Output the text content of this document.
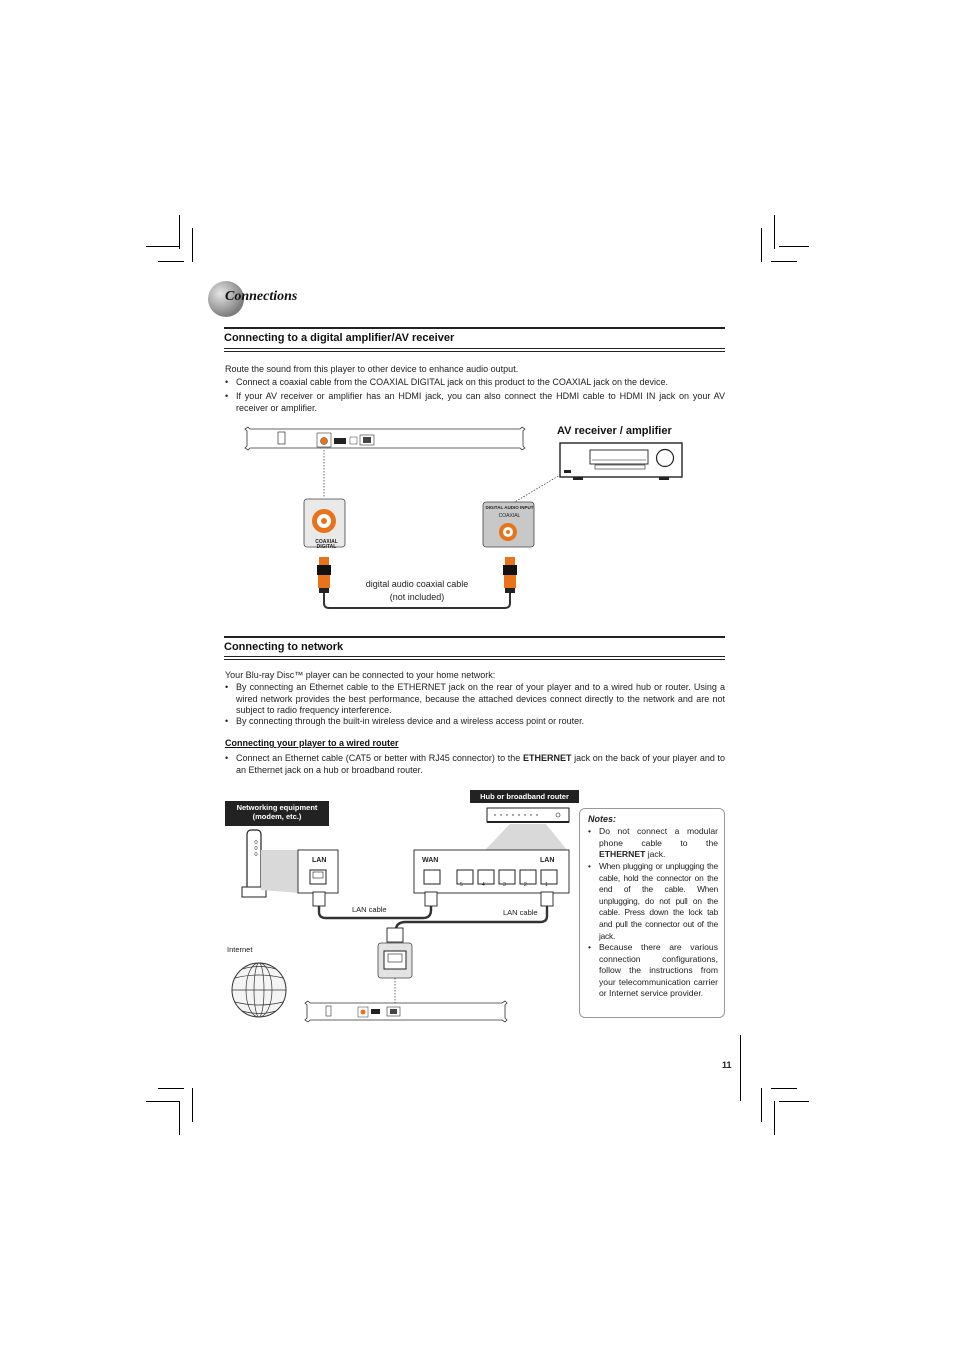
Connections
Connecting to a digital amplifier/AV receiver
Route the sound from this player to other device to enhance audio output.
• Connect a coaxial cable from the COAXIAL DIGITAL jack on this product to the COAXIAL jack on the device.
• If your AV receiver or amplifier has an HDMI jack, you can also connect the HDMI cable to HDMI IN jack on your AV receiver or amplifier.
AV receiver / amplifier
COAXIAL DIGITAL
DIGITAL AUDIO INPUT
COAXIAL
digital audio coaxial cable
(not included)
Connecting to network
Your Blu-ray Disc™ player can be connected to your home network:
• By connecting an Ethernet cable to the ETHERNET jack on the rear of your player and to a wired hub or router. Using a wired network provides the best performance, because the attached devices connect directly to the network and are not subject to radio frequency interference.
• By connecting through the built-in wireless device and a wireless access point or router.
Connecting your player to a wired router
• Connect an Ethernet cable (CAT5 or better with RJ45 connector) to the ETHERNET jack on the back of your player and to an Ethernet jack on a hub or broadband router.
Networking equipment
(modem, etc.)
Hub or broadband router
LAN	WAN	LAN
5	4	3	2	1
LAN cable	LAN cable
Internet
Notes:
• Do not connect a modular phone cable to the ETHERNET jack.
• When plugging or unplugging the cable, hold the connector on the end of the cable. When unplugging, do not pull on the cable. Press down the lock tab and pull the connector out of the jack.
• Because there are various connection configurations, follow the instructions from your telecommunication carrier or Internet service provider.
11
